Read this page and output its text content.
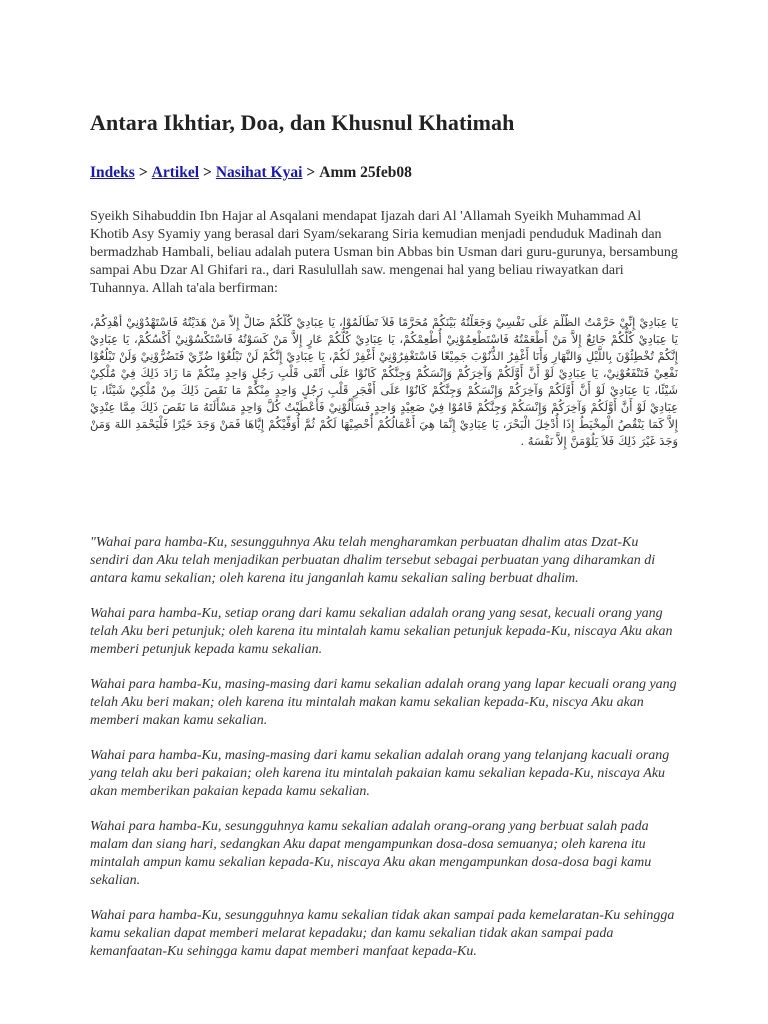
Antara Ikhtiar, Doa, dan Khusnul Khatimah
Indeks > Artikel > Nasihat Kyai > Amm 25feb08

Syeikh Sihabuddin Ibn Hajar al Asqalani mendapat Ijazah dari Al 'Allamah Syeikh Muhammad Al Khotib Asy Syamiy yang berasal dari Syam/sekarang Siria kemudian menjadi penduduk Madinah dan bermadzhab Hambali, beliau adalah putera Usman bin Abbas bin Usman dari guru-gurunya, bersambung sampai Abu Dzar Al Ghifari ra., dari Rasulullah saw. mengenai hal yang beliau riwayatkan dari Tuhannya. Allah ta'ala berfirman:

يَا عِبَادِيْ إِنِّيْ حَرَّمْتُ الظُّلْمَ عَلَى نَفْسِيْ وَجَعَلْتُهُ بَيْنَكُمْ مُحَرَّمًا فَلاَ تَظَالَمُوْا، يَا عِبَادِيْ كُلُّكُمْ ضَالٌّ إِلاَّ مَنْ هَدَيْتُهُ فَاسْتَهْدُوْنِيْ أَهْدِكُمْ، يَا عِبَادِيْ كُلُّكُمْ جَائِعٌ إِلاَّ مَنْ أَطْعَمْتُهُ فَاسْتَطْعِمُوْنِيْ أُطْعِمْكُمْ، يَا عِبَادِيْ كُلُّكُمْ عَارٍ إِلاَّ مَنْ كَسَوْتُهُ فَاسْتَكْسُوْنِيْ أَكْسُكُمْ، يَا عِبَادِيْ إِنَّكُمْ تُخْطِئُوْنَ بِاللَّيْلِ وَالنَّهَارِ وَأَنَا أَغْفِرُ الذُّنُوْبَ جَمِيْعًا فَاسْتَغْفِرُوْنِيْ أَغْفِرْ لَكُمْ، يَا عِبَادِيْ إِنَّكُمْ لَنْ تَبْلُغُوْا ضُرِّيْ فَتَضُرُّوْنِيْ وَلَنْ تَبْلُغُوْا نَفْعِيْ فَتَنْفَعُوْنِيْ، يَا عِبَادِيْ لَوْ أَنَّ أَوَّلَكُمْ وَآخِرَكُمْ وَإِنْسَكُمْ وَجِنَّكُمْ كَانُوْا عَلَى أَتْقَى قَلْبِ رَجُلٍ وَاحِدٍ مِنْكُمْ مَا زَادَ ذَلِكَ فِيْ مُلْكِيْ شَيْئًا، يَا عِبَادِيْ لَوْ أَنَّ أَوَّلَكُمْ وَآخِرَكُمْ وَإِنْسَكُمْ وَجِنَّكُمْ كَانُوْا عَلَى أَفْجَرِ قَلْبِ رَجُلٍ وَاحِدٍ مِنْكُمْ مَا نَقَصَ ذَلِكَ مِنْ مُلْكِيْ شَيْئًا، يَا عِبَادِيْ لَوْ أَنَّ أَوَّلَكُمْ وَآخِرَكُمْ وَإِنْسَكُمْ وَجِنَّكُمْ قَامُوْا فِيْ صَعِيْدٍ وَاحِدٍ فَسَأَلُوْنِيْ فَأَعْطَيْتُ كُلَّ وَاحِدٍ مَسْأَلَتَهُ مَا نَقَصَ ذَلِكَ مِمَّا عِنْدِيْ إِلاَّ كَمَا يَنْقُصُ الْمِخْيَطُ إِذَا أُدْخِلَ الْبَحْرَ، يَا عِبَادِيْ إِنَّمَا هِيَ أَعْمَالُكُمْ أُحْصِيْهَا لَكُمْ ثُمَّ أُوَفِّيْكُمْ إِيَّاهَا فَمَنْ وَجَدَ خَيْرًا فَلْيَحْمَدِ اللهَ وَمَنْ وَجَدَ غَيْرَ ذَلِكَ فَلاَ يَلُوْمَنَّ إِلاَّ نَفْسَهُ .

"Wahai para hamba-Ku, sesungguhnya Aku telah mengharamkan perbuatan dhalim atas Dzat-Ku sendiri dan Aku telah menjadikan perbuatan dhalim tersebut sebagai perbuatan yang diharamkan di antara kamu sekalian; oleh karena itu janganlah kamu sekalian saling berbuat dhalim.

Wahai para hamba-Ku, setiap orang dari kamu sekalian adalah orang yang sesat, kecuali orang yang telah Aku beri petunjuk; oleh karena itu mintalah kamu sekalian petunjuk kepada-Ku, niscaya Aku akan memberi petunjuk kepada kamu sekalian.

Wahai para hamba-Ku, masing-masing dari kamu sekalian adalah orang yang lapar kecuali orang yang telah Aku beri makan; oleh karena itu mintalah makan kamu sekalian kepada-Ku, niscya Aku akan memberi makan kamu sekalian.

Wahai para hamba-Ku, masing-masing dari kamu sekalian adalah orang yang telanjang kacuali orang yang telah aku beri pakaian; oleh karena itu mintalah pakaian kamu sekalian kepada-Ku, niscaya Aku akan memberikan pakaian kepada kamu sekalian.

Wahai para hamba-Ku, sesungguhnya kamu sekalian adalah orang-orang yang berbuat salah pada malam dan siang hari, sedangkan Aku dapat mengampunkan dosa-dosa semuanya; oleh karena itu mintalah ampun kamu sekalian kepada-Ku, niscaya Aku akan mengampunkan dosa-dosa bagi kamu sekalian.

Wahai para hamba-Ku, sesungguhnya kamu sekalian tidak akan sampai pada kemelaratan-Ku sehingga kamu sekalian dapat memberi melarat kepadaku; dan kamu sekalian tidak akan sampai pada kemanfaatan-Ku sehingga kamu dapat memberi manfaat kepada-Ku.
